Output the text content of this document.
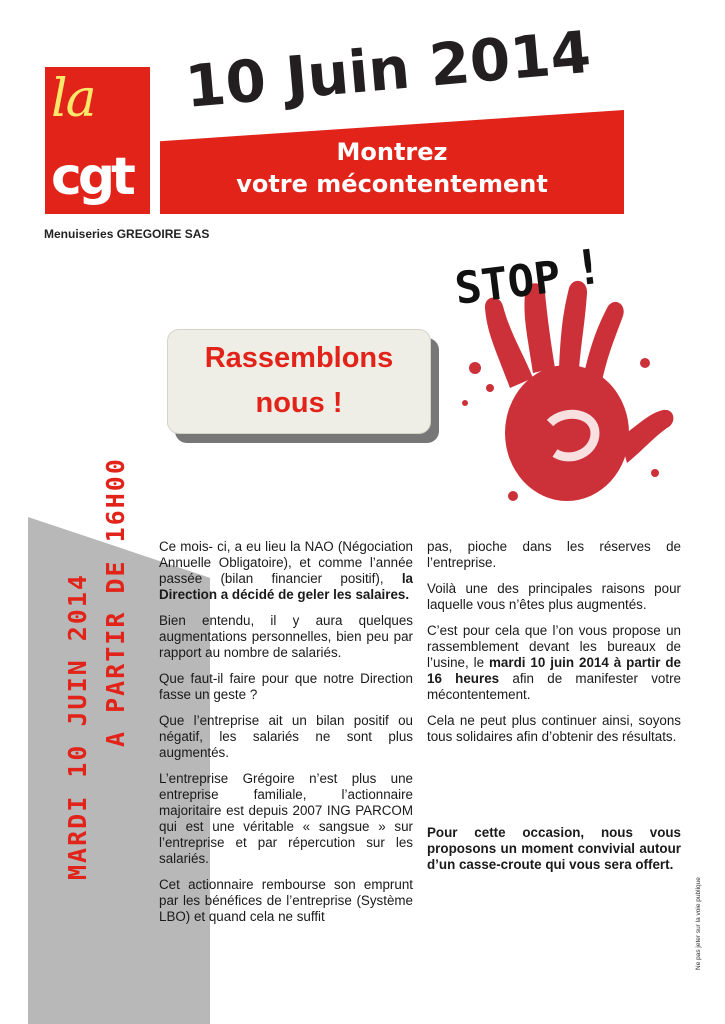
la
cgt
10 Juin 2014
Montrez
votre mécontentement
Menuiseries GREGOIRE SAS
Rassemblons
nous !
STOP !
MARDI 10 JUIN 2014 A PARTIR DE 16H00 Ce mois- ci, a eu lieu la NAO (Négociation Annuelle Obligatoire), et comme l’année passée (bilan financier positif), la Direction a décidé de geler les salaires.

Bien entendu, il y aura quelques augmentations personnelles, bien peu par rapport au nombre de salariés.

Que faut-il faire pour que notre Direction fasse un geste ?

Que l’entreprise ait un bilan positif ou négatif, les salariés ne sont plus augmentés.

L’entreprise Grégoire n’est plus une entreprise familiale, l’actionnaire majoritaire est depuis 2007 ING PARCOM qui est une véritable « sangsue » sur l’entreprise et par répercution sur les salariés.

Cet actionnaire rembourse son emprunt par les bénéfices de l’entreprise (Système LBO) et quand cela ne suffit

pas, pioche dans les réserves de l’entreprise.

Voilà une des principales raisons pour laquelle vous n’êtes plus augmentés.

C’est pour cela que l’on vous propose un rassemblement devant les bureaux de l’usine, le mardi 10 juin 2014 à partir de 16 heures afin de manifester votre mécontentement.

Cela ne peut plus continuer ainsi, soyons tous solidaires afin d’obtenir des résultats.

Pour cette occasion, nous vous proposons un moment convivial autour d’un casse-croute qui vous sera offert.

Ne pas jeter sur la voie publique
